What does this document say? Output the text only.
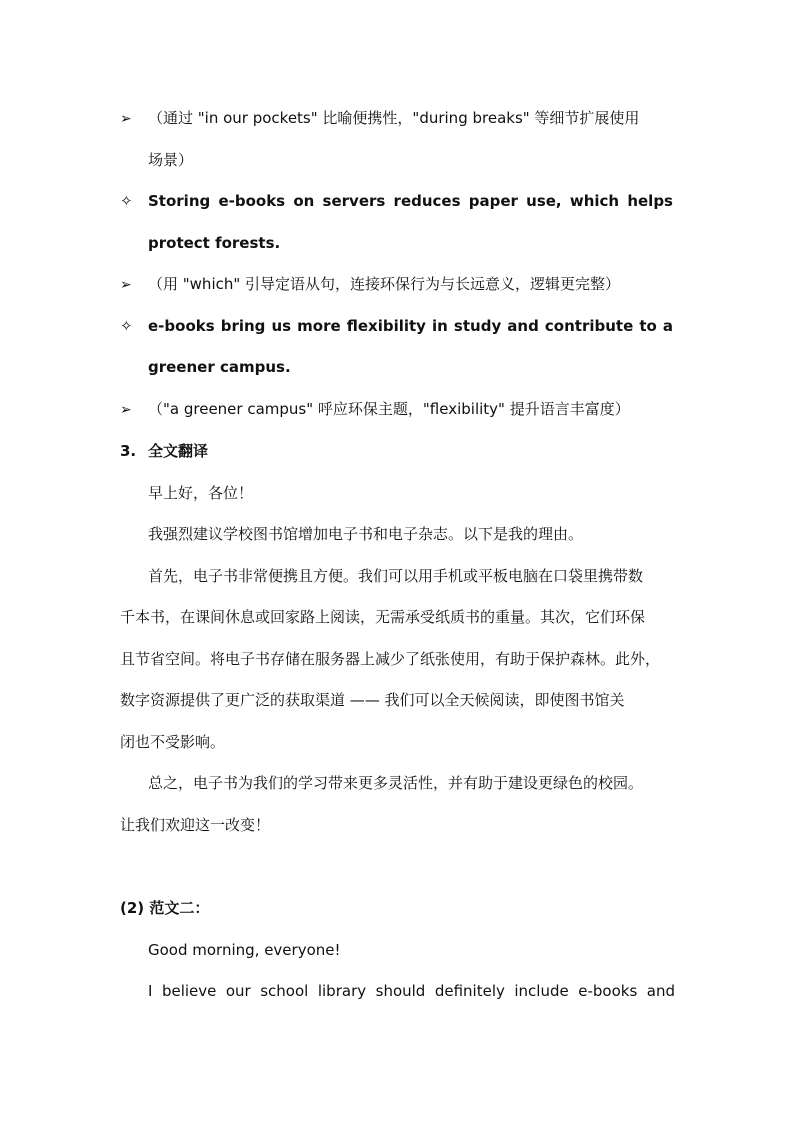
➢ （通过 "in our pockets" 比喻便携性，"during breaks" 等细节扩展使用
场景）
✧ Storing e-books on servers reduces paper use, which helps
protect forests.
➢ （用 "which" 引导定语从句，连接环保行为与长远意义，逻辑更完整）
✧ e-books bring us more flexibility in study and contribute to a
greener campus.
➢ （"a greener campus" 呼应环保主题，"flexibility" 提升语言丰富度）
3. 全文翻译
早上好，各位！
我强烈建议学校图书馆增加电子书和电子杂志。以下是我的理由。
首先，电子书非常便携且方便。我们可以用手机或平板电脑在口袋里携带数
千本书，在课间休息或回家路上阅读，无需承受纸质书的重量。其次，它们环保
且节省空间。将电子书存储在服务器上减少了纸张使用，有助于保护森林。此外，
数字资源提供了更广泛的获取渠道 —— 我们可以全天候阅读，即使图书馆关
闭也不受影响。
总之，电子书为我们的学习带来更多灵活性，并有助于建设更绿色的校园。
让我们欢迎这一改变！
(2) 范文二：
Good morning, everyone!
I believe our school library should definitely include e-books and
